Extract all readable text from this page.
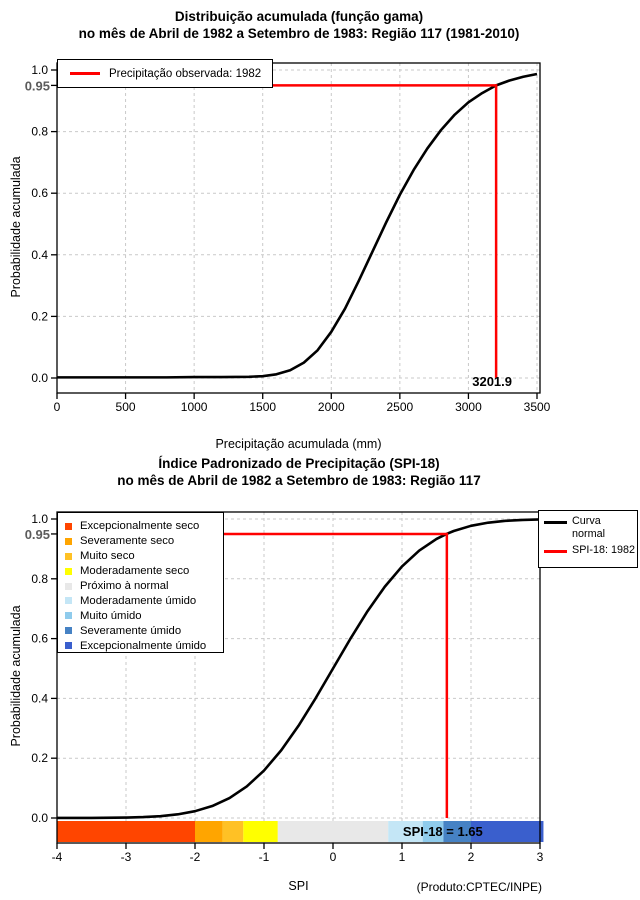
0	500	1000	1500	2000	2500	3000	3500
0.0
0.2
0.4
0.6
0.8
1.0
0.95
3201.9
-4	-3	-2	-1	0	1	2	3
0.0
0.2
0.4
0.6
0.8
1.0
0.95
SPI-18 = 1.65
Distribuição acumulada (função gama)
no mês de Abril de 1982 a Setembro de 1983: Região 117 (1981-2010)
Probabilidade acumulada
Precipitação acumulada (mm)
Precipitação observada: 1982
Índice Padronizado de Precipitação (SPI-18)
no mês de Abril de 1982 a Setembro de 1983: Região 117
Probabilidade acumulada
SPI	(Produto:CPTEC/INPE)
Excepcionalmente seco
Severamente seco
Muito seco
Moderadamente seco
Próximo à normal
Moderadamente úmido
Muito úmido
Severamente úmido
Excepcionalmente úmido
Curva normal
SPI-18: 1982
